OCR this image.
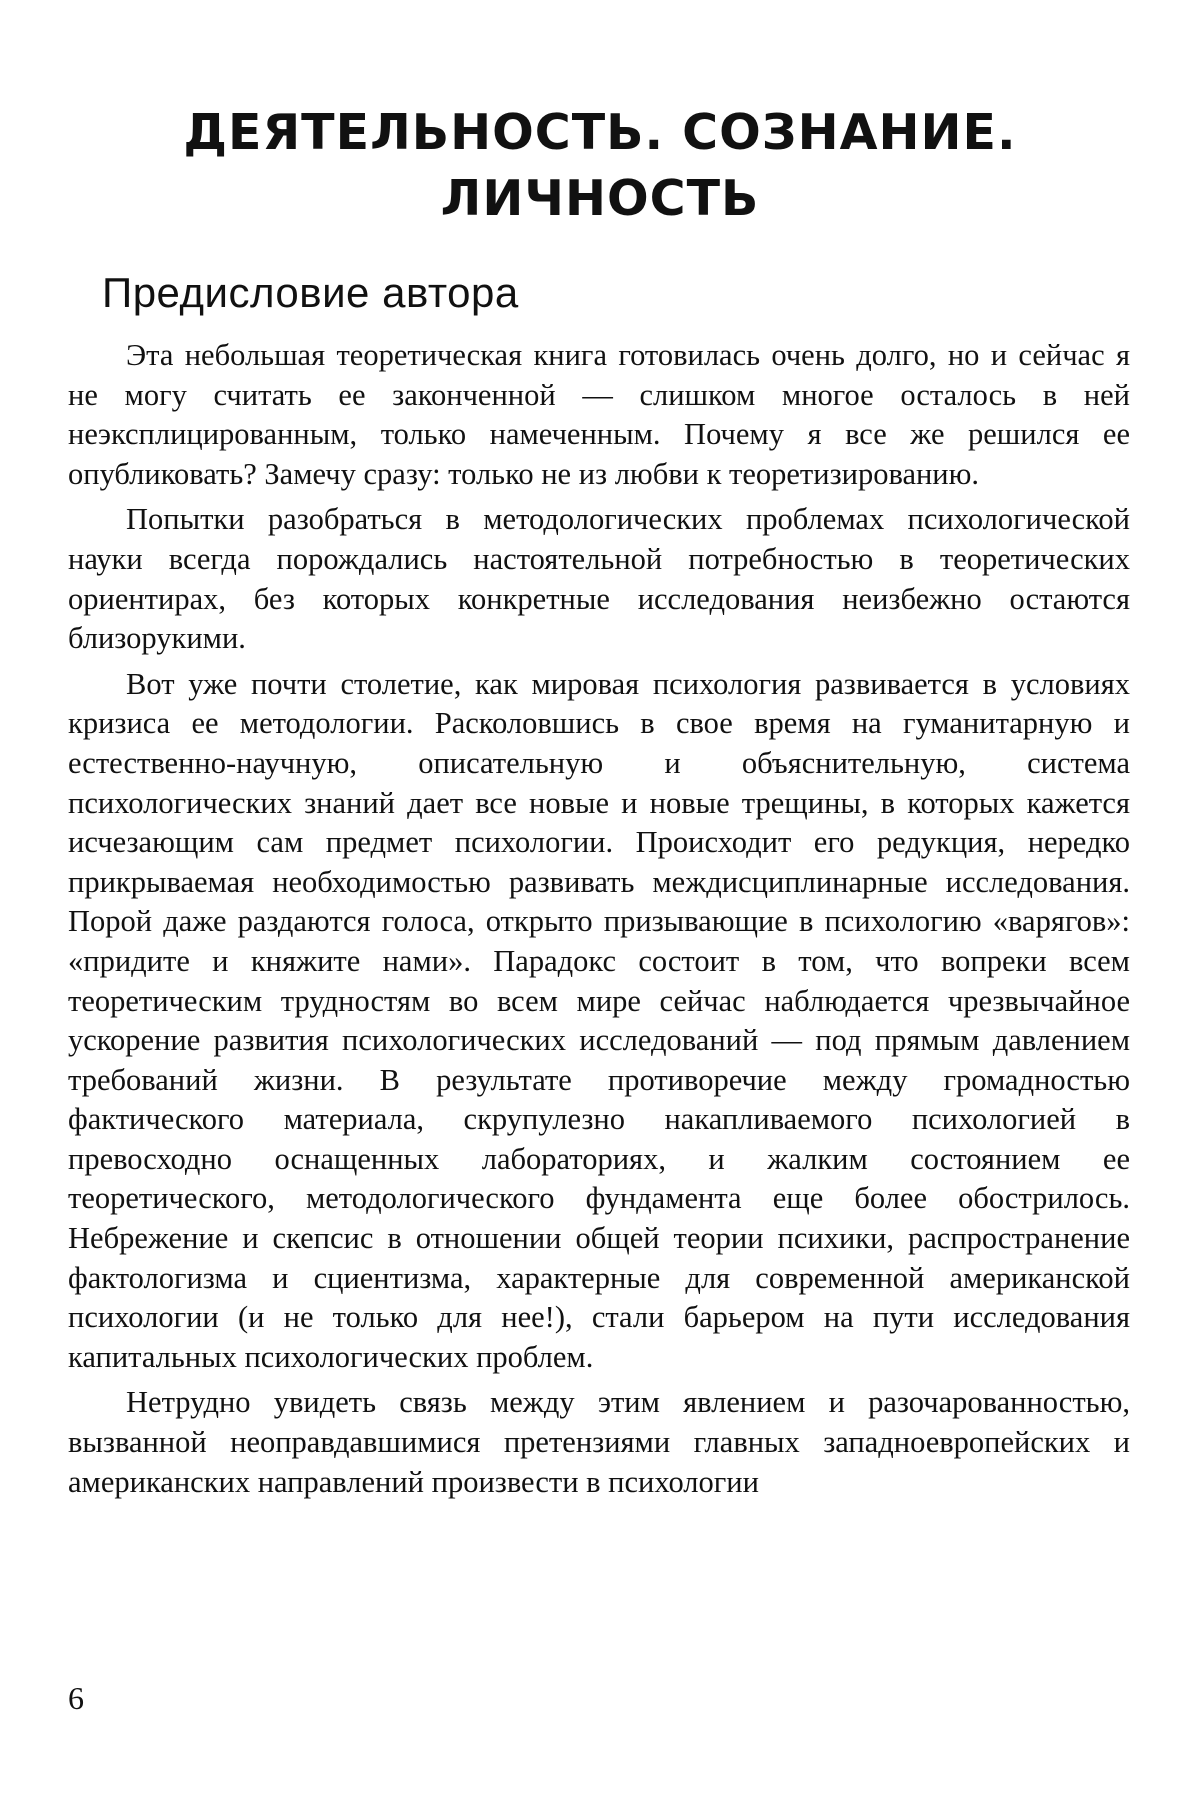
ДЕЯТЕЛЬНОСТЬ. СОЗНАНИЕ.
ЛИЧНОСТЬ
Предисловие автора

Эта небольшая теоретическая книга готовилась очень долго, но и сейчас я не могу считать ее законченной — слишком многое осталось в ней неэксплицированным, только намеченным. Почему я все же решился ее опубликовать? Замечу сразу: только не из любви к теоретизированию.

Попытки разобраться в методологических проблемах психологической науки всегда порождались настоятельной потребностью в теоретических ориентирах, без которых конкретные исследования неизбежно остаются близорукими.

Вот уже почти столетие, как мировая психология развивается в условиях кризиса ее методологии. Расколовшись в свое время на гуманитарную и естественно-научную, описательную и объяснительную, система психологических знаний дает все новые и новые трещины, в которых кажется исчезающим сам предмет психологии. Происходит его редукция, нередко прикрываемая необходимостью развивать междисциплинарные исследования. Порой даже раздаются голоса, открыто призывающие в психологию «варягов»: «придите и княжите нами». Парадокс состоит в том, что вопреки всем теоретическим трудностям во всем мире сейчас наблюдается чрезвычайное ускорение развития психологических исследований — под прямым давлением требований жизни. В результате противоречие между громадностью фактического материала, скрупулезно накапливаемого психологией в превосходно оснащенных лабораториях, и жалким состоянием ее теоретического, методологического фундамента еще более обострилось. Небрежение и скепсис в отношении общей теории психики, распространение фактологизма и сциентизма, характерные для современной американской психологии (и не только для нее!), стали барьером на пути исследования капитальных психологических проблем.

Нетрудно увидеть связь между этим явлением и разочарованностью, вызванной неоправдавшимися претензиями главных западноевропейских и американских направлений произвести в психологии

6
